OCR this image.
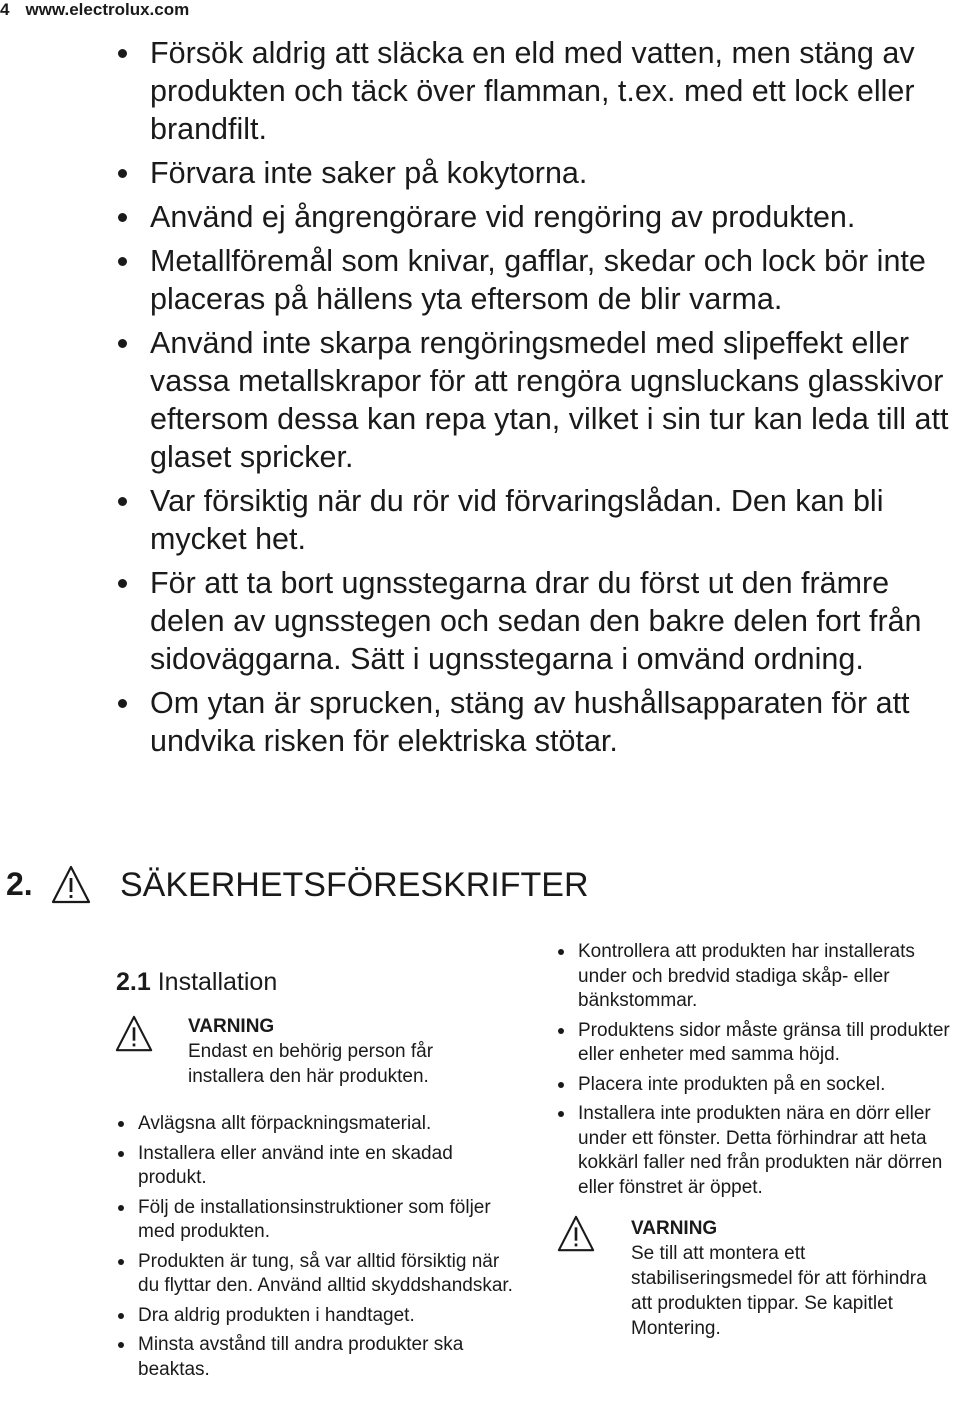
4 www.electrolux.com
Försök aldrig att släcka en eld med vatten, men stäng av produkten och täck över flamman, t.ex. med ett lock eller brandfilt.
Förvara inte saker på kokytorna.
Använd ej ångrengörare vid rengöring av produkten.
Metallföremål som knivar, gafflar, skedar och lock bör inte placeras på hällens yta eftersom de blir varma.
Använd inte skarpa rengöringsmedel med slipeffekt eller vassa metallskrapor för att rengöra ugnsluckans glasskivor eftersom dessa kan repa ytan, vilket i sin tur kan leda till att glaset spricker.
Var försiktig när du rör vid förvaringslådan. Den kan bli mycket het.
För att ta bort ugnsstegarna drar du först ut den främre delen av ugnsstegen och sedan den bakre delen fort från sidoväggarna. Sätt i ugnsstegarna i omvänd ordning.
Om ytan är sprucken, stäng av hushållsapparaten för att undvika risken för elektriska stötar.
2.	SÄKERHETSFÖRESKRIFTER
2.1 Installation
VARNING
Endast en behörig person får installera den här produkten.
Avlägsna allt förpackningsmaterial.
Installera eller använd inte en skadad produkt.
Följ de installationsinstruktioner som följer med produkten.
Produkten är tung, så var alltid försiktig när du flyttar den. Använd alltid skyddshandskar.
Dra aldrig produkten i handtaget.
Minsta avstånd till andra produkter ska beaktas.
Kontrollera att produkten har installerats under och bredvid stadiga skåp- eller bänkstommar.
Produktens sidor måste gränsa till produkter eller enheter med samma höjd.
Placera inte produkten på en sockel.
Installera inte produkten nära en dörr eller under ett fönster. Detta förhindrar att heta kokkärl faller ned från produkten när dörren eller fönstret är öppet.
VARNING
Se till att montera ett stabiliseringsmedel för att förhindra att produkten tippar. Se kapitlet Montering.
